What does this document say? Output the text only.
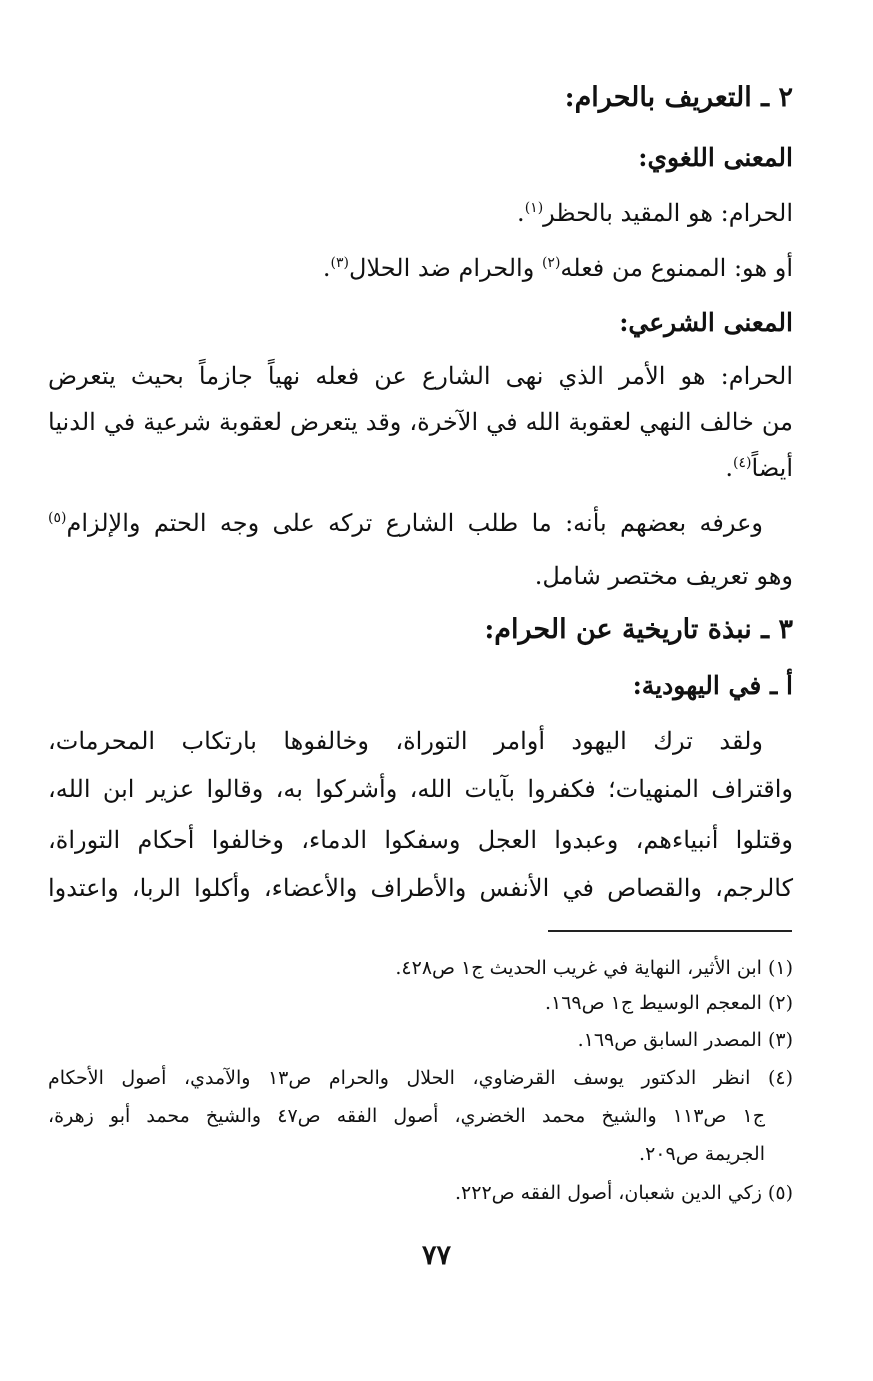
٢ ـ التعريف بالحرام:
المعنى اللغوي:
الحرام: هو المقيد بالحظر$^{(١)}$.
أو هو: الممنوع من فعله$^{(٢)}$ والحرام ضد الحلال$^{(٣)}$.
المعنى الشرعي:
الحرام: هو الأمر الذي نهى الشارع عن فعله نهياً جازماً بحيث يتعرض
من خالف النهي لعقوبة الله في الآخرة، وقد يتعرض لعقوبة شرعية في الدنيا
أيضاً$^{(٤)}$.
وعرفه بعضهم بأنه: ما طلب الشارع تركه على وجه الحتم والإلزام$^{(٥)}$
وهو تعريف مختصر شامل.
٣ ـ نبذة تاريخية عن الحرام:
أ ـ في اليهودية:
ولقد ترك اليهود أوامر التوراة، وخالفوها بارتكاب المحرمات،
واقتراف المنهيات؛ فكفروا بآيات الله، وأشركوا به، وقالوا عزير ابن الله،
وقتلوا أنبياءهم، وعبدوا العجل وسفكوا الدماء، وخالفوا أحكام التوراة،
كالرجم، والقصاص في الأنفس والأطراف والأعضاء، وأكلوا الربا، واعتدوا
(١) ابن الأثير، النهاية في غريب الحديث ج١ ص٤٢٨.
(٢) المعجم الوسيط ج١ ص١٦٩.
(٣) المصدر السابق ص١٦٩.
(٤) انظر الدكتور يوسف القرضاوي، الحلال والحرام ص١٣ والآمدي، أصول الأحكام
ج١ ص١١٣ والشيخ محمد الخضري، أصول الفقه ص٤٧ والشيخ محمد أبو زهرة،
الجريمة ص٢٠٩.
(٥) زكي الدين شعبان، أصول الفقه ص٢٢٢.
٧٧
